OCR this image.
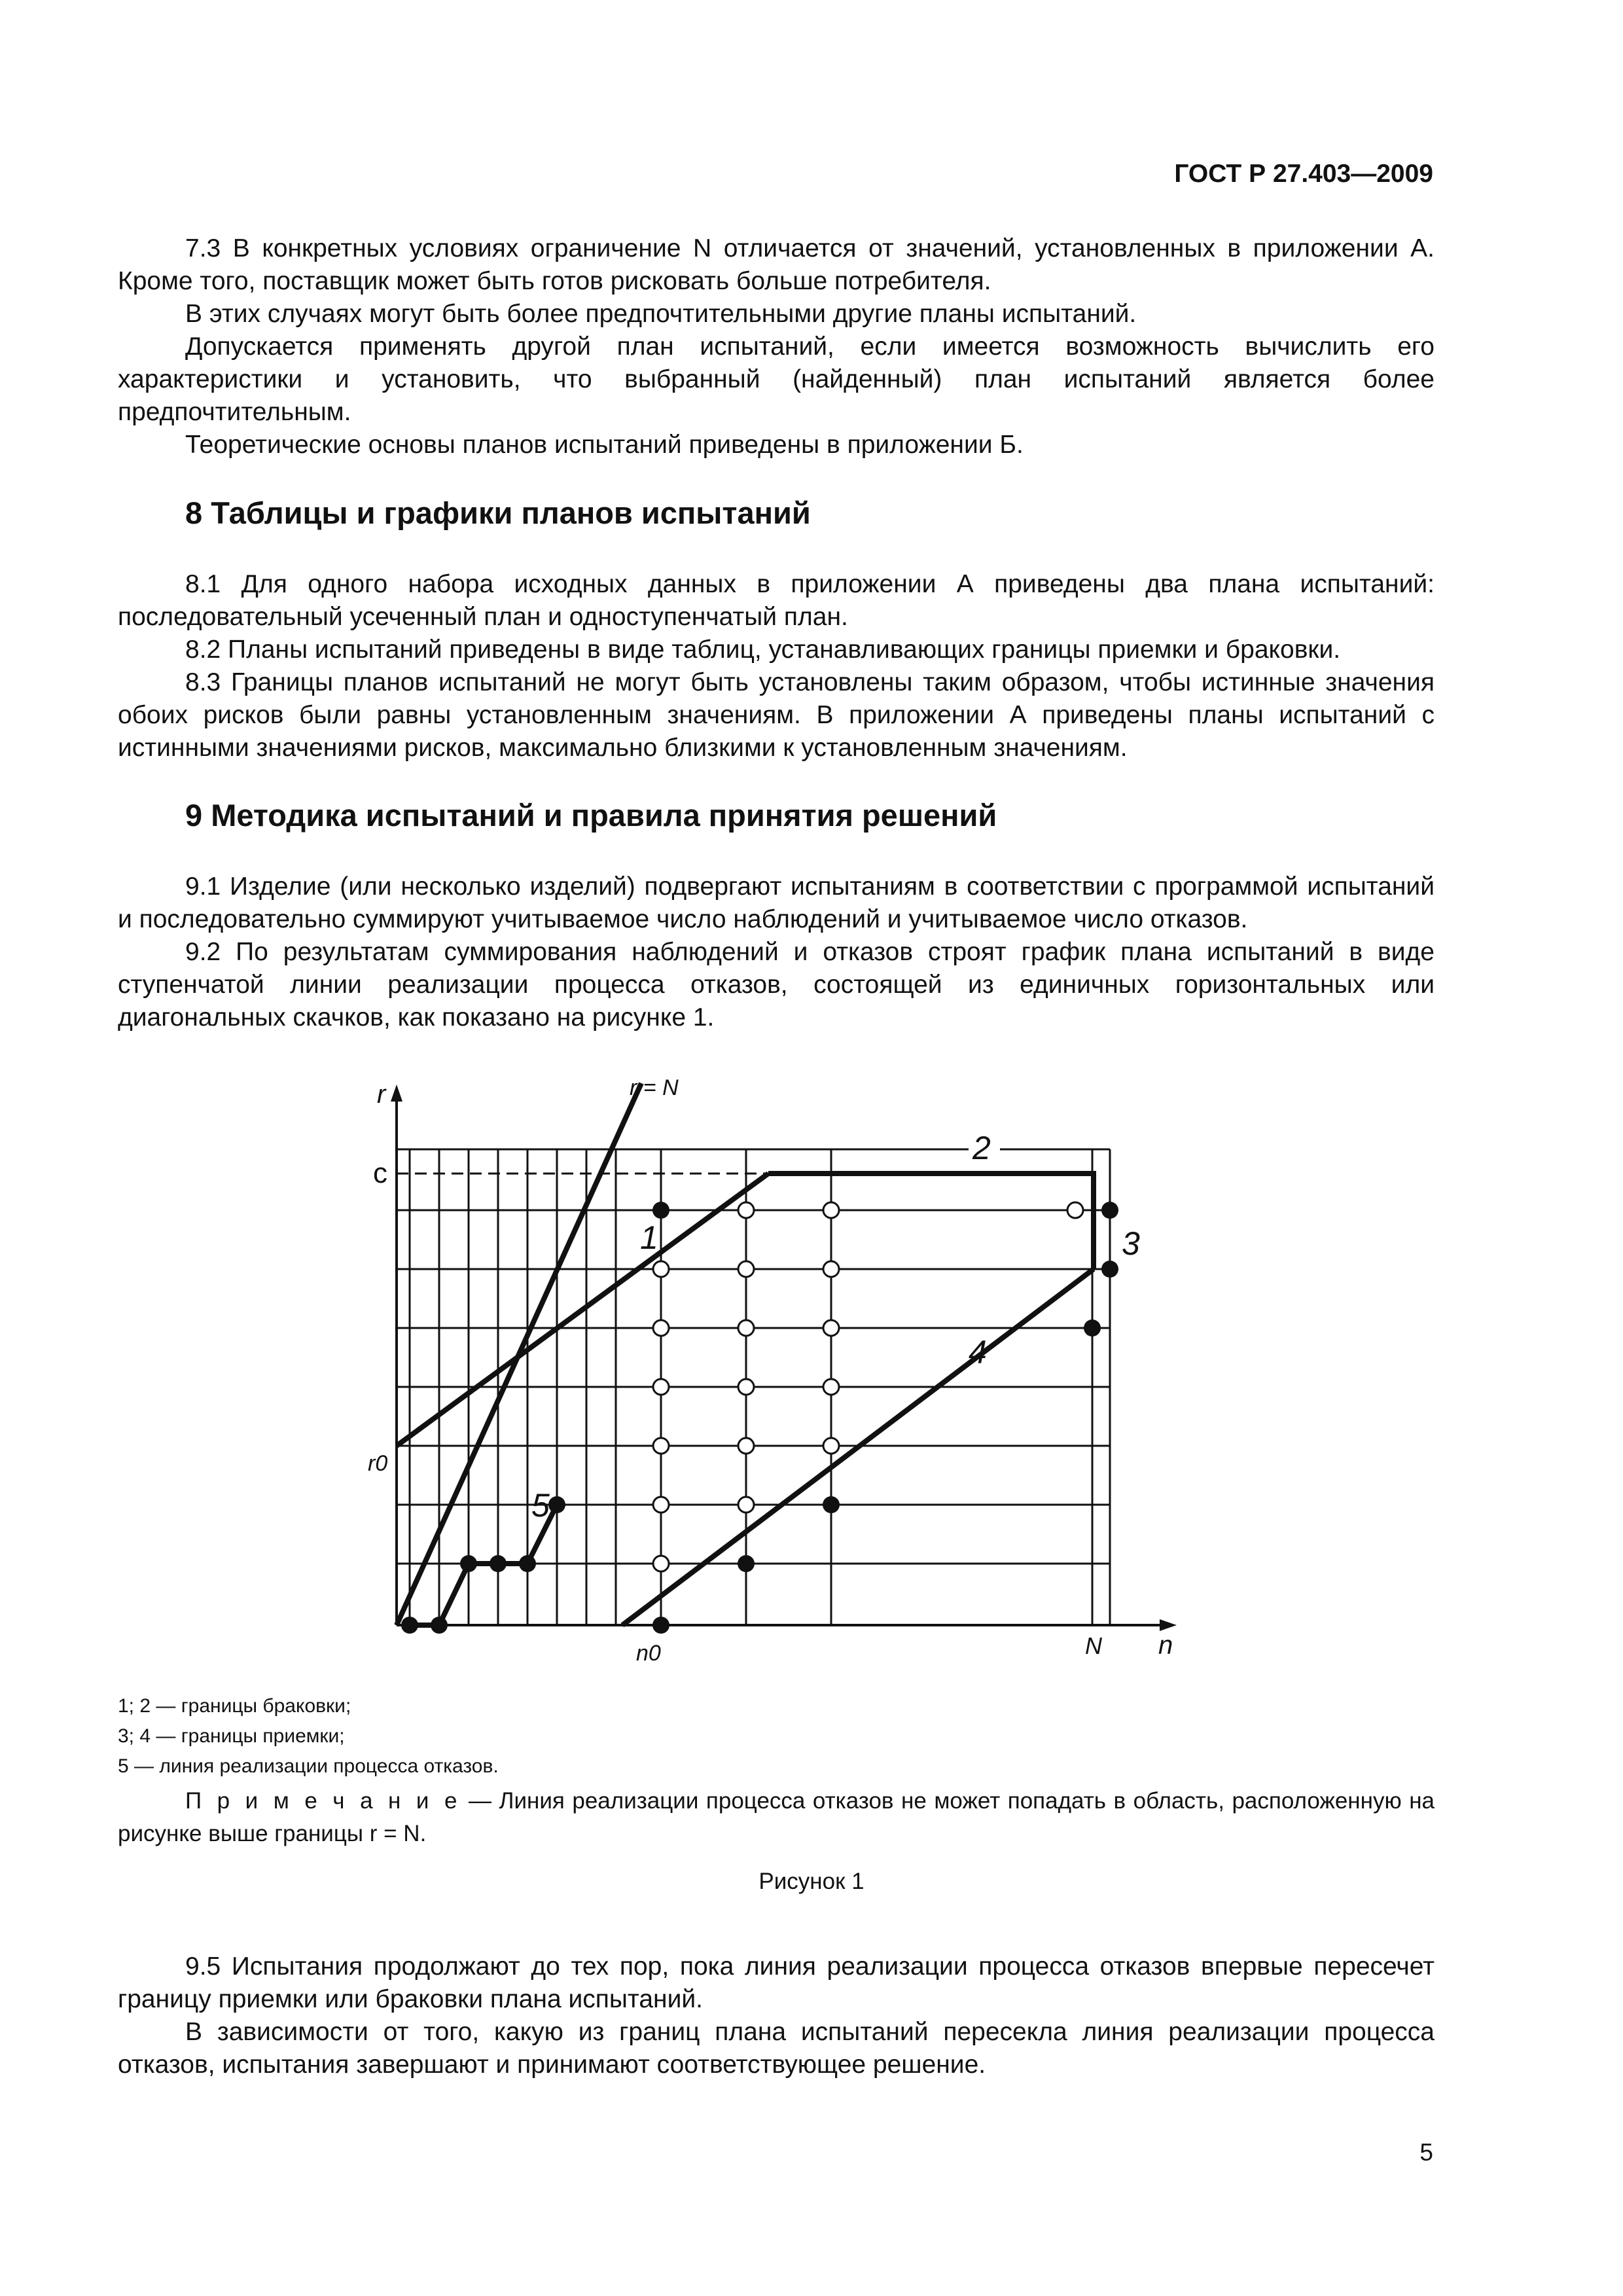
ГОСТ Р 27.403—2009

7.3 В конкретных условиях ограничение N отличается от значений, установленных в приложении А. Кроме того, поставщик может быть готов рисковать больше потребителя.

В этих случаях могут быть более предпочтительными другие планы испытаний.

Допускается применять другой план испытаний, если имеется возможность вычислить его характеристики и установить, что выбранный (найденный) план испытаний является более предпочтительным.

Теоретические основы планов испытаний приведены в приложении Б.

8 Таблицы и графики планов испытаний

8.1 Для одного набора исходных данных в приложении А приведены два плана испытаний: последовательный усеченный план и одноступенчатый план.

8.2 Планы испытаний приведены в виде таблиц, устанавливающих границы приемки и браковки.

8.3 Границы планов испытаний не могут быть установлены таким образом, чтобы истинные значения обоих рисков были равны установленным значениям. В приложении А приведены планы испытаний с истинными значениями рисков, максимально близкими к установленным значениям.

9 Методика испытаний и правила принятия решений

9.1 Изделие (или несколько изделий) подвергают испытаниям в соответствии с программой испытаний и последовательно суммируют учитываемое число наблюдений и учитываемое число отказов.

9.2 По результатам суммирования наблюдений и отказов строят график плана испытаний в виде ступенчатой линии реализации процесса отказов, состоящей из единичных горизонтальных или диагональных скачков, как показано на рисунке 1.

r	r = N
c
r0
n0	N n
1
2
3
4
5
1; 2 — границы браковки;
3; 4 — границы приемки;
5 — линия реализации процесса отказов.

П р и м е ч а н и е — Линия реализации процесса отказов не может попадать в область, расположенную на рисунке выше границы r = N.

Рисунок 1

9.5 Испытания продолжают до тех пор, пока линия реализации процесса отказов впервые пересечет границу приемки или браковки плана испытаний.

В зависимости от того, какую из границ плана испытаний пересекла линия реализации процесса отказов, испытания завершают и принимают соответствующее решение.

5
